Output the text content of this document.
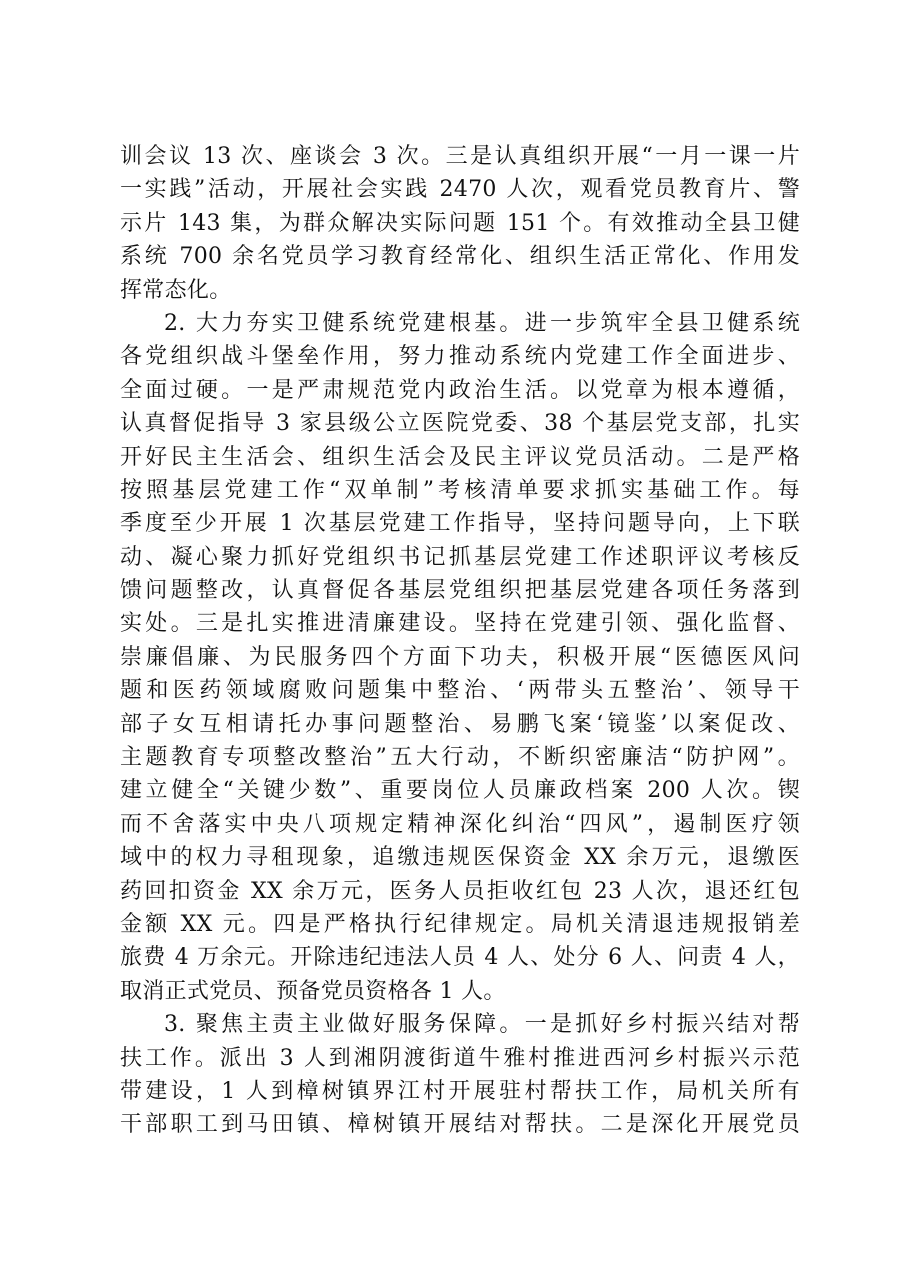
训会议 13 次、座谈会 3 次。三是认真组织开展“一月一课一片
一实践”活动，开展社会实践 2470 人次，观看党员教育片、警
示片 143 集，为群众解决实际问题 151 个。有效推动全县卫健
系统 700 余名党员学习教育经常化、组织生活正常化、作用发
挥常态化。
2. 大力夯实卫健系统党建根基。进一步筑牢全县卫健系统
各党组织战斗堡垒作用，努力推动系统内党建工作全面进步、
全面过硬。一是严肃规范党内政治生活。以党章为根本遵循，
认真督促指导 3 家县级公立医院党委、38 个基层党支部，扎实
开好民主生活会、组织生活会及民主评议党员活动。二是严格
按照基层党建工作“双单制”考核清单要求抓实基础工作。每
季度至少开展 1 次基层党建工作指导，坚持问题导向，上下联
动、凝心聚力抓好党组织书记抓基层党建工作述职评议考核反
馈问题整改，认真督促各基层党组织把基层党建各项任务落到
实处。三是扎实推进清廉建设。坚持在党建引领、强化监督、
崇廉倡廉、为民服务四个方面下功夫，积极开展“医德医风问
题和医药领域腐败问题集中整治、‘两带头五整治’、领导干
部子女互相请托办事问题整治、易鹏飞案‘镜鉴’以案促改、
主题教育专项整改整治”五大行动，不断织密廉洁“防护网”。
建立健全“关键少数”、重要岗位人员廉政档案 200 人次。锲
而不舍落实中央八项规定精神深化纠治“四风”，遏制医疗领
域中的权力寻租现象，追缴违规医保资金 XX 余万元，退缴医
药回扣资金 XX 余万元，医务人员拒收红包 23 人次，退还红包
金额 XX 元。四是严格执行纪律规定。局机关清退违规报销差
旅费 4 万余元。开除违纪违法人员 4 人、处分 6 人、问责 4 人，
取消正式党员、预备党员资格各 1 人。
3. 聚焦主责主业做好服务保障。一是抓好乡村振兴结对帮
扶工作。派出 3 人到湘阴渡街道牛雅村推进西河乡村振兴示范
带建设，1 人到樟树镇界江村开展驻村帮扶工作，局机关所有
干部职工到马田镇、樟树镇开展结对帮扶。二是深化开展党员
